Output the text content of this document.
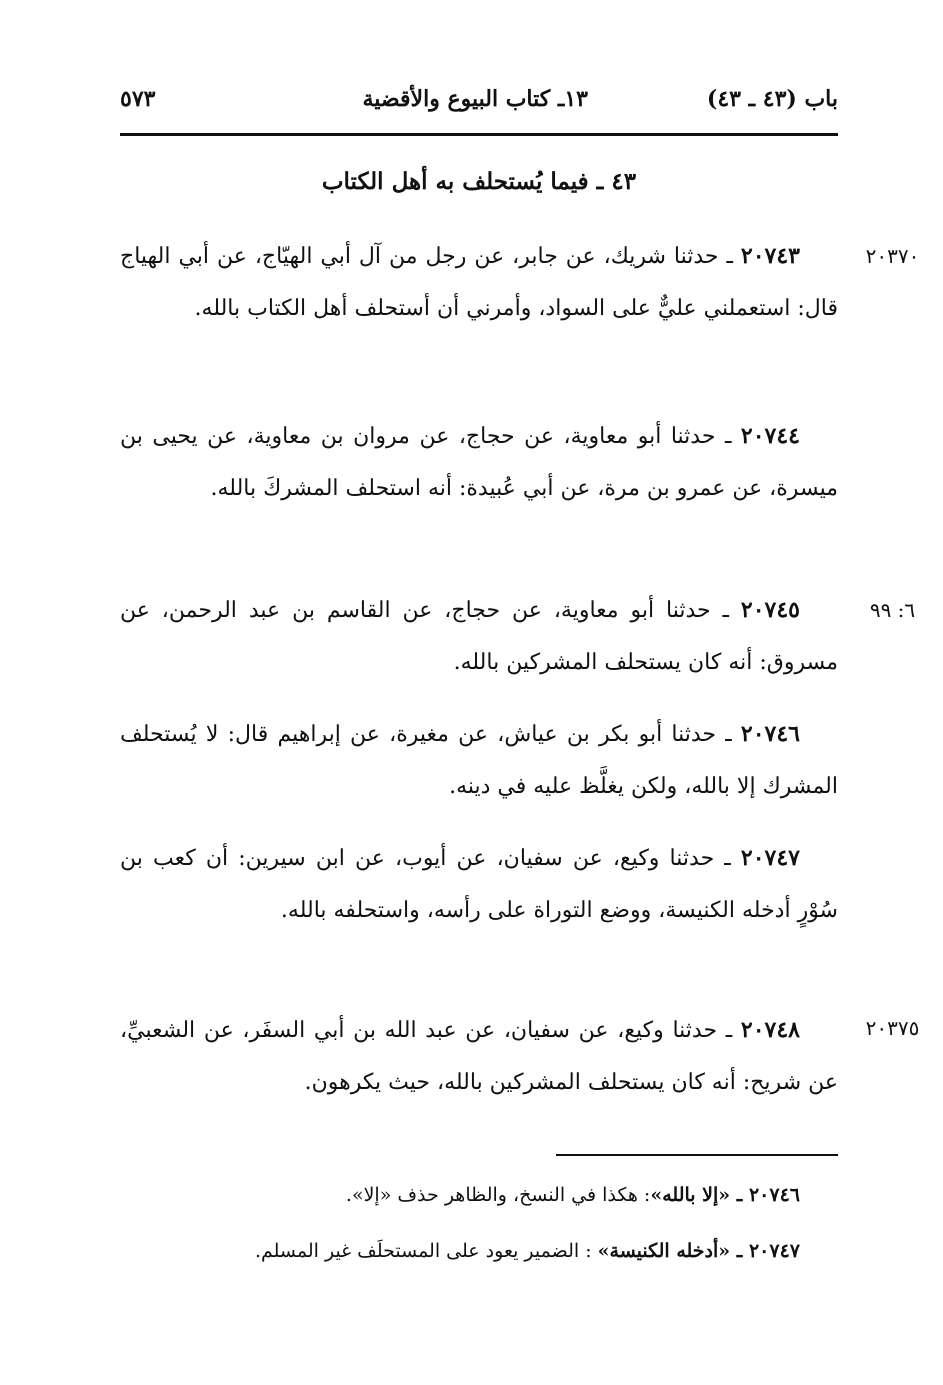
باب (٤٣ ـ ٤٣)
١٣ـ كتاب البيوع والأقضية
٥٧٣
٤٣ ـ فيما يُستحلف به أهل الكتاب
٢٠٣٧٠

٢٠٧٤٣ ـ حدثنا شريك، عن جابر، عن رجل من آل أبي الهيّاج، عن أبي الهياج قال: استعملني عليٌّ على السواد، وأمرني أن أستحلف أهل الكتاب بالله.

٢٠٧٤٤ ـ حدثنا أبو معاوية، عن حجاج، عن مروان بن معاوية، عن يحيى بن ميسرة، عن عمرو بن مرة، عن أبي عُبيدة: أنه استحلف المشركَ بالله.

٦: ٩٩

٢٠٧٤٥ ـ حدثنا أبو معاوية، عن حجاج، عن القاسم بن عبد الرحمن، عن مسروق: أنه كان يستحلف المشركين بالله.

٢٠٧٤٦ ـ حدثنا أبو بكر بن عياش، عن مغيرة، عن إبراهيم قال: لا يُستحلف المشرك إلا بالله، ولكن يغلَّظ عليه في دينه.

٢٠٧٤٧ ـ حدثنا وكيع، عن سفيان، عن أيوب، عن ابن سيرين: أن كعب بن سُوْرٍ أدخله الكنيسة، ووضع التوراة على رأسه، واستحلفه بالله.

٢٠٣٧٥

٢٠٧٤٨ ـ حدثنا وكيع، عن سفيان، عن عبد الله بن أبي السفَر، عن الشعبيِّ، عن شريح: أنه كان يستحلف المشركين بالله، حيث يكرهون.

٢٠٧٤٦ ـ «إلا بالله»: هكذا في النسخ، والظاهر حذف «إلا».
٢٠٧٤٧ ـ «أدخله الكنيسة» : الضمير يعود على المستحلَف غير المسلم.
